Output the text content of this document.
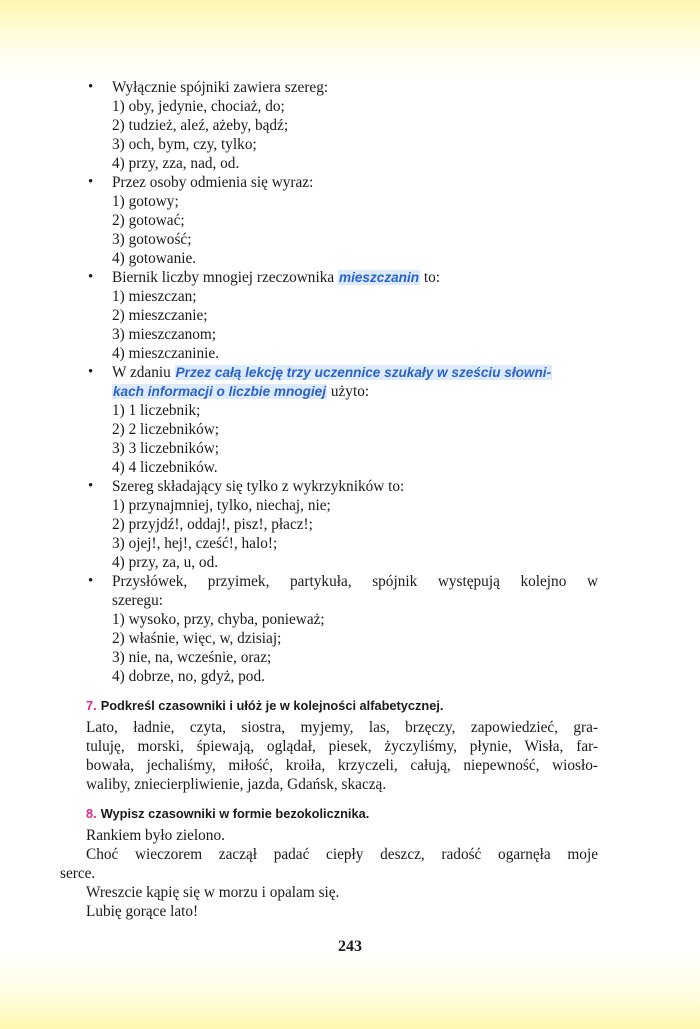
• Wyłącznie spójniki zawiera szereg:
1) oby, jedynie, chociaż, do;
2) tudzież, aleź, ażeby, bądź;
3) och, bym, czy, tylko;
4) przy, zza, nad, od.
• Przez osoby odmienia się wyraz:
1) gotowy;
2) gotować;
3) gotowość;
4) gotowanie.
• Biernik liczby mnogiej rzeczownika mieszczanin to:
1) mieszczan;
2) mieszczanie;
3) mieszczanom;
4) mieszczaninie.
• W zdaniu Przez całą lekcję trzy uczennice szukały w sześciu słowni-
kach informacji o liczbie mnogiej użyto:
1) 1 liczebnik;
2) 2 liczebników;
3) 3 liczebników;
4) 4 liczebników.
• Szereg składający się tylko z wykrzykników to:
1) przynajmniej, tylko, niechaj, nie;
2) przyjdź!, oddaj!, pisz!, płacz!;
3) ojej!, hej!, cześć!, halo!;
4) przy, za, u, od.
• Przysłówek, przyimek, partykuła, spójnik występują kolejno w
szeregu:
1) wysoko, przy, chyba, ponieważ;
2) właśnie, więc, w, dzisiaj;
3) nie, na, wcześnie, oraz;
4) dobrze, no, gdyż, pod.
7. Podkreśl czasowniki i ułóż je w kolejności alfabetycznej.
Lato, ładnie, czyta, siostra, myjemy, las, brzęczy, zapowiedzieć, gra-
tuluję, morski, śpiewają, oglądał, piesek, życzyliśmy, płynie, Wisła, far-
bowała, jechaliśmy, miłość, kroiła, krzyczeli, całują, niepewność, wiosło-
waliby, zniecierpliwienie, jazda, Gdańsk, skaczą.
8. Wypisz czasowniki w formie bezokolicznika.
Rankiem było zielono.
Choć wieczorem zaczął padać ciepły deszcz, radość ogarnęła moje
serce.
Wreszcie kąpię się w morzu i opalam się.
Lubię gorące lato!
243
